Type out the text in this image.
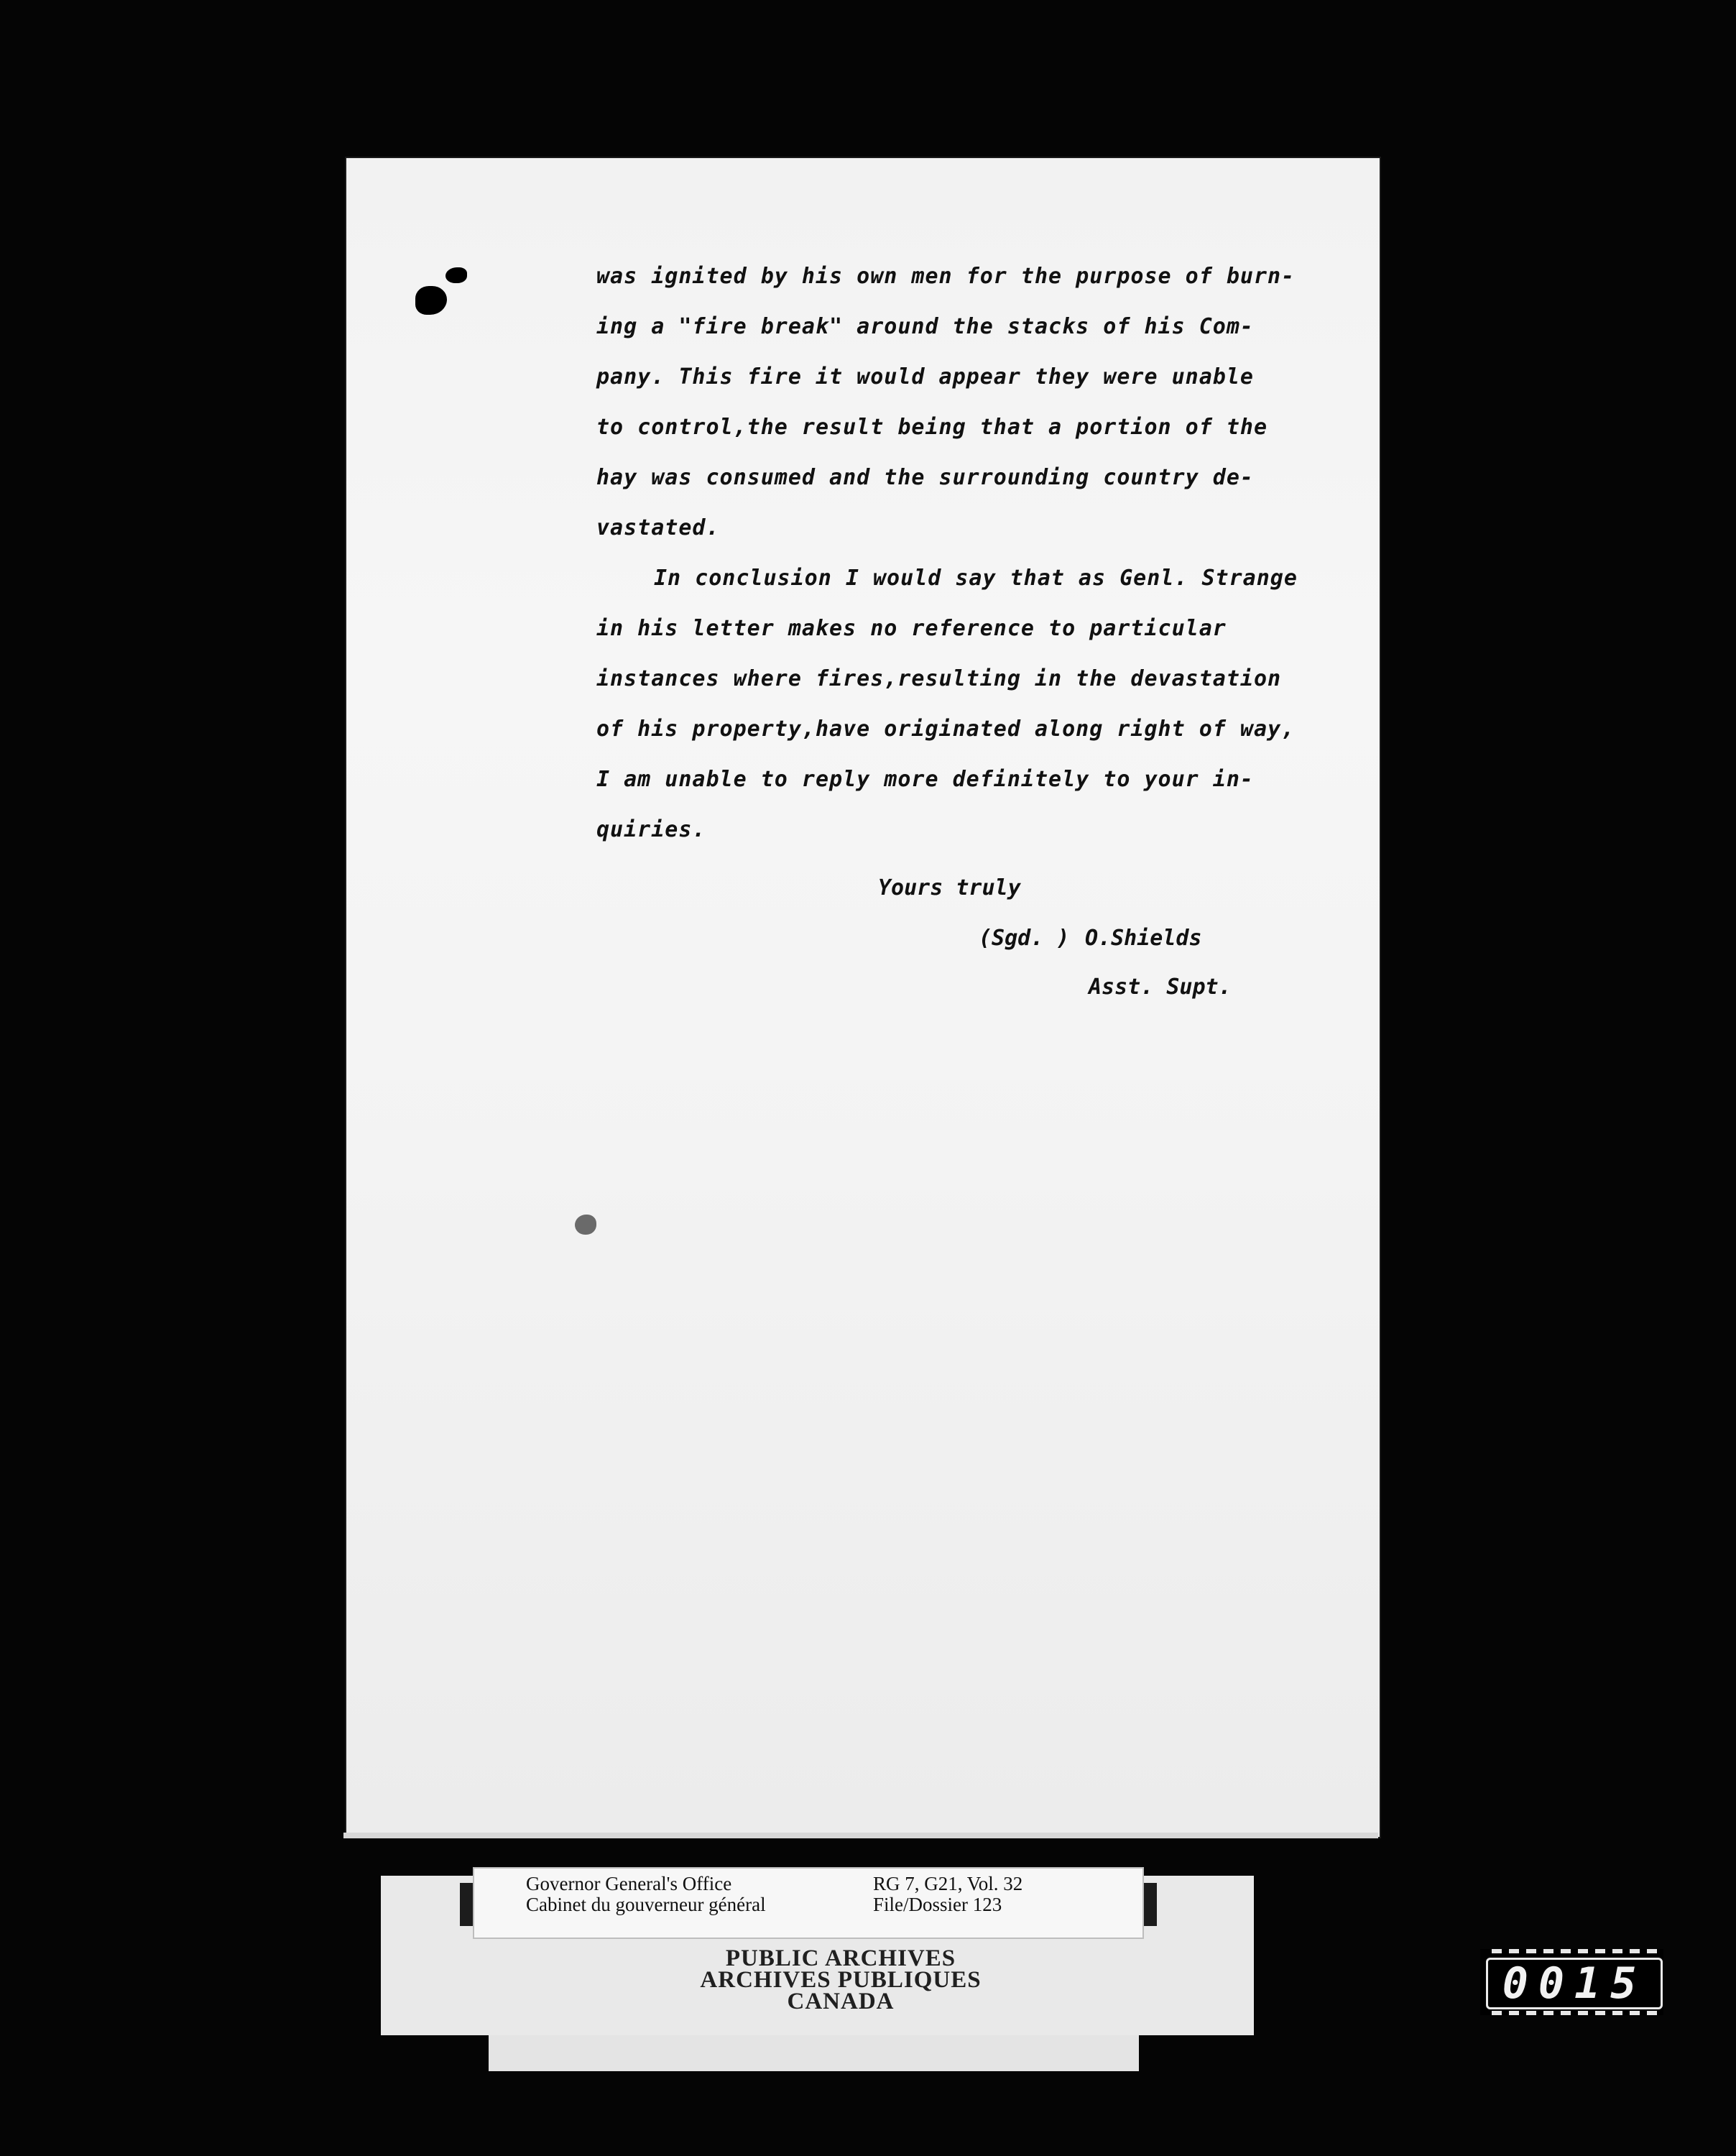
was ignited by his own men for the purpose of burn-
ing a "fire break" around the stacks of his Com-
pany. This fire it would appear they were unable
to control,the result being that a portion of the
hay was consumed and the surrounding country de-
vastated.
In conclusion I would say that as Genl. Strange
in his letter makes no reference to particular
instances where fires,resulting in the devastation
of his property,have originated along right of way,
I am unable to reply more definitely to your in-
quiries.
Yours truly
(Sgd. ) O.Shields
Asst. Supt.
Governor General's Office
Cabinet du gouverneur général
RG 7, G21, Vol. 32
File/Dossier 123
PUBLIC ARCHIVES
ARCHIVES PUBLIQUES
CANADA	0015
